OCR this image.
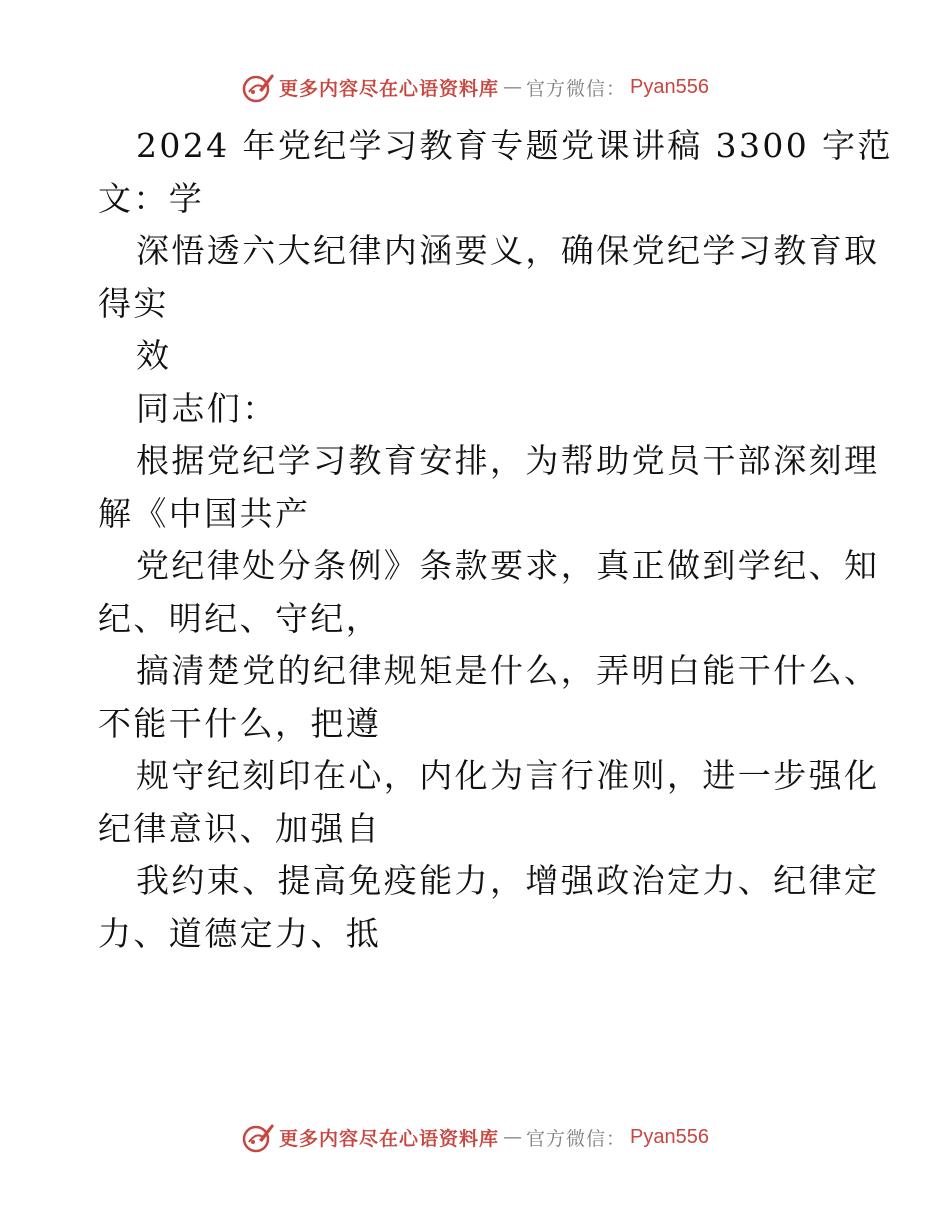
更多内容尽在心语资料库 — 官方微信： Pyan556
2024 年党纪学习教育专题党课讲稿 3300 字范
文：学
深悟透六大纪律内涵要义，确保党纪学习教育取
得实
效
同志们：
根据党纪学习教育安排，为帮助党员干部深刻理
解《中国共产
党纪律处分条例》条款要求，真正做到学纪、知
纪、明纪、守纪，
搞清楚党的纪律规矩是什么，弄明白能干什么、
不能干什么，把遵
规守纪刻印在心，内化为言行准则，进一步强化
纪律意识、加强自
我约束、提高免疫能力，增强政治定力、纪律定
力、道德定力、抵
更多内容尽在心语资料库 — 官方微信： Pyan556
